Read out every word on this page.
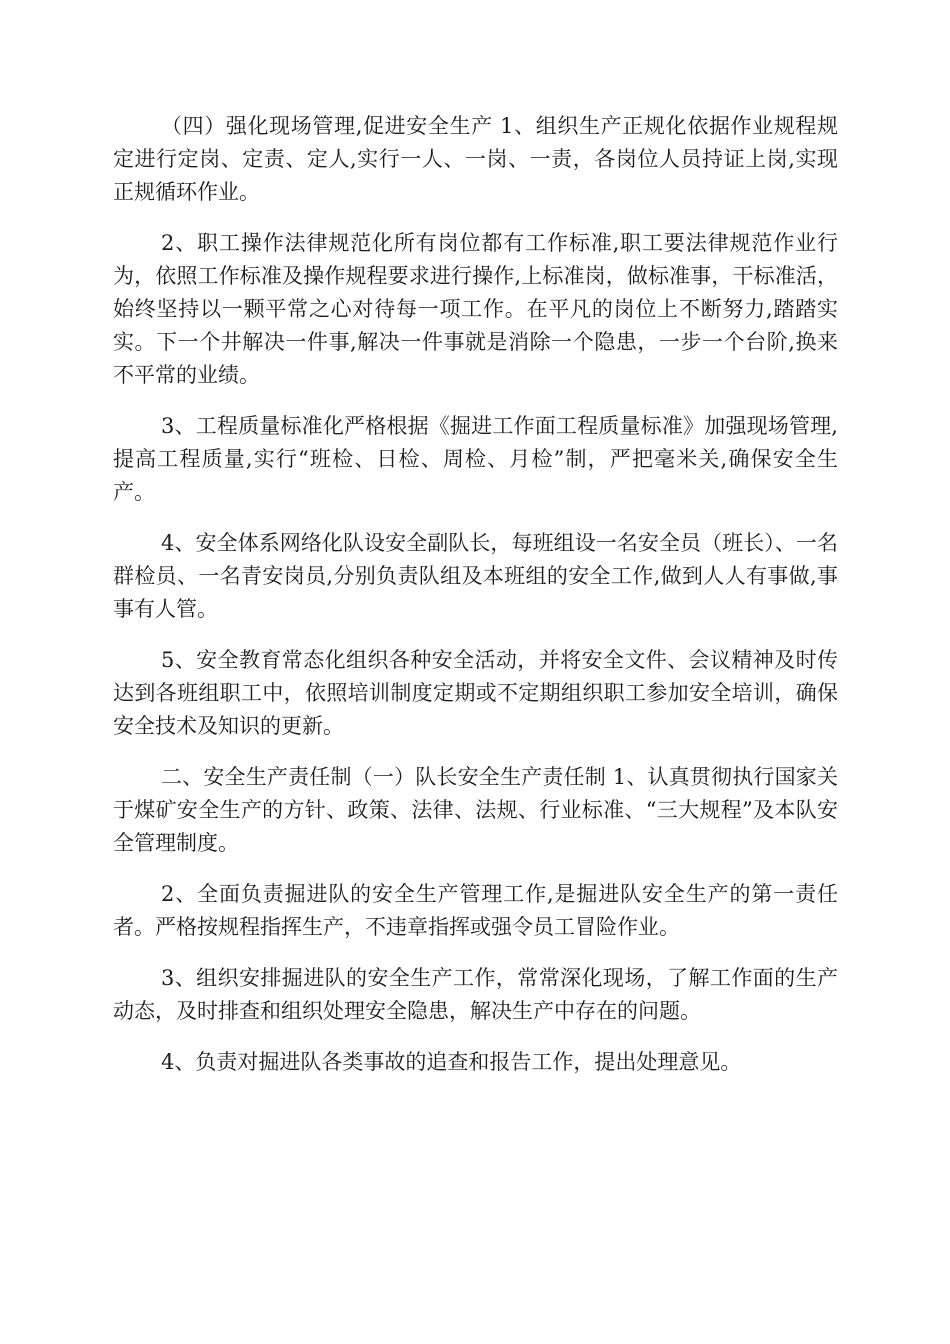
（四）强化现场管理,促进安全生产 1、组织生产正规化依据作业规程规定进行定岗、定责、定人,实行一人、一岗、一责，各岗位人员持证上岗,实现正规循环作业。

2、职工操作法律规范化所有岗位都有工作标准,职工要法律规范作业行为，依照工作标准及操作规程要求进行操作,上标准岗，做标准事，干标准活，始终坚持以一颗平常之心对待每一项工作。在平凡的岗位上不断努力,踏踏实实。下一个井解决一件事,解决一件事就是消除一个隐患，一步一个台阶,换来不平常的业绩。

3、工程质量标准化严格根据《掘进工作面工程质量标准》加强现场管理,提高工程质量,实行“班检、日检、周检、月检”制，严把毫米关,确保安全生产。

4、安全体系网络化队设安全副队长，每班组设一名安全员（班长）、一名群检员、一名青安岗员,分别负责队组及本班组的安全工作,做到人人有事做,事事有人管。

5、安全教育常态化组织各种安全活动，并将安全文件、会议精神及时传达到各班组职工中，依照培训制度定期或不定期组织职工参加安全培训，确保安全技术及知识的更新。

二、安全生产责任制（一）队长安全生产责任制 1、认真贯彻执行国家关于煤矿安全生产的方针、政策、法律、法规、行业标准、“三大规程”及本队安全管理制度。

2、全面负责掘进队的安全生产管理工作,是掘进队安全生产的第一责任者。严格按规程指挥生产，不违章指挥或强令员工冒险作业。

3、组织安排掘进队的安全生产工作，常常深化现场，了解工作面的生产动态，及时排查和组织处理安全隐患，解决生产中存在的问题。

4、负责对掘进队各类事故的追查和报告工作，提出处理意见。
